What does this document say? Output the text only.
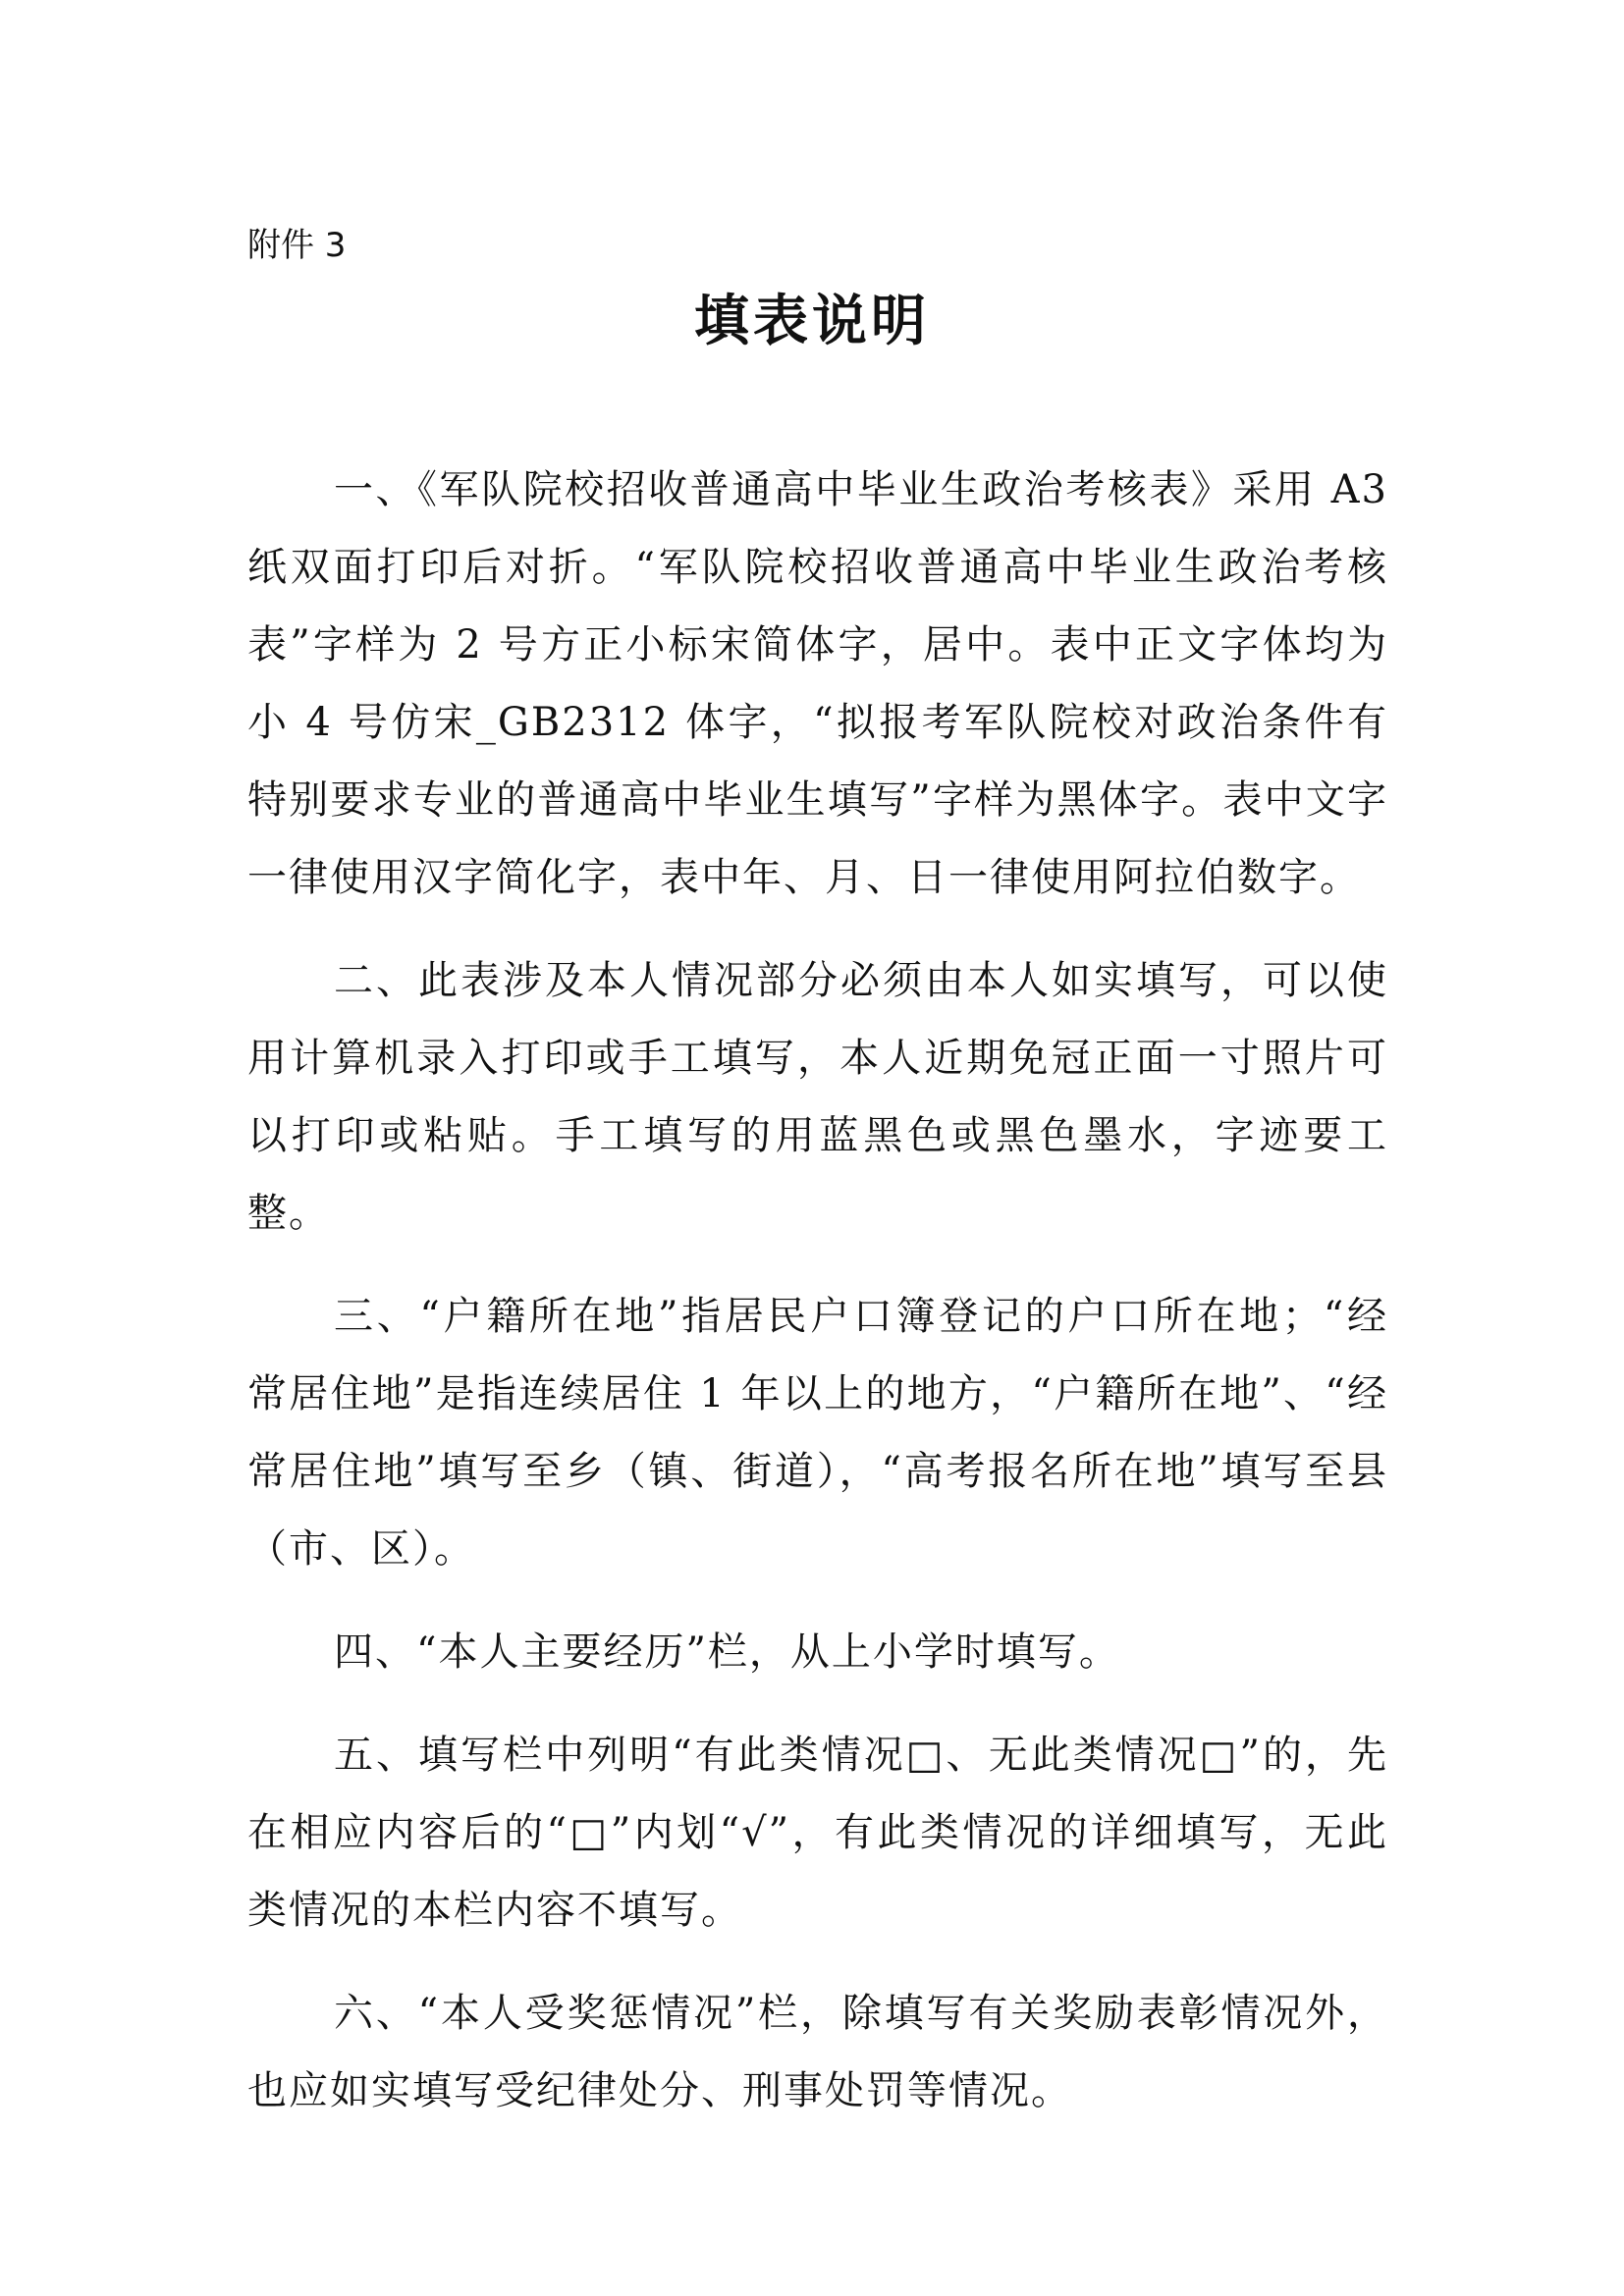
附件 3

填表说明

一、《军队院校招收普通高中毕业生政治考核表》采用 A3 纸双面打印后对折。“军队院校招收普通高中毕业生政治考核表”字样为 2 号方正小标宋简体字，居中。表中正文字体均为小 4 号仿宋_GB2312 体字，“拟报考军队院校对政治条件有特别要求专业的普通高中毕业生填写”字样为黑体字。表中文字一律使用汉字简化字，表中年、月、日一律使用阿拉伯数字。

二、此表涉及本人情况部分必须由本人如实填写，可以使用计算机录入打印或手工填写，本人近期免冠正面一寸照片可以打印或粘贴。手工填写的用蓝黑色或黑色墨水，字迹要工整。

三、“户籍所在地”指居民户口簿登记的户口所在地；“经常居住地”是指连续居住 1 年以上的地方，“户籍所在地”、“经常居住地”填写至乡（镇、街道），“高考报名所在地”填写至县（市、区）。

四、“本人主要经历”栏，从上小学时填写。

五、填写栏中列明“有此类情况□、无此类情况□”的，先在相应内容后的“□”内划“√”，有此类情况的详细填写，无此类情况的本栏内容不填写。

六、“本人受奖惩情况”栏，除填写有关奖励表彰情况外，也应如实填写受纪律处分、刑事处罚等情况。
